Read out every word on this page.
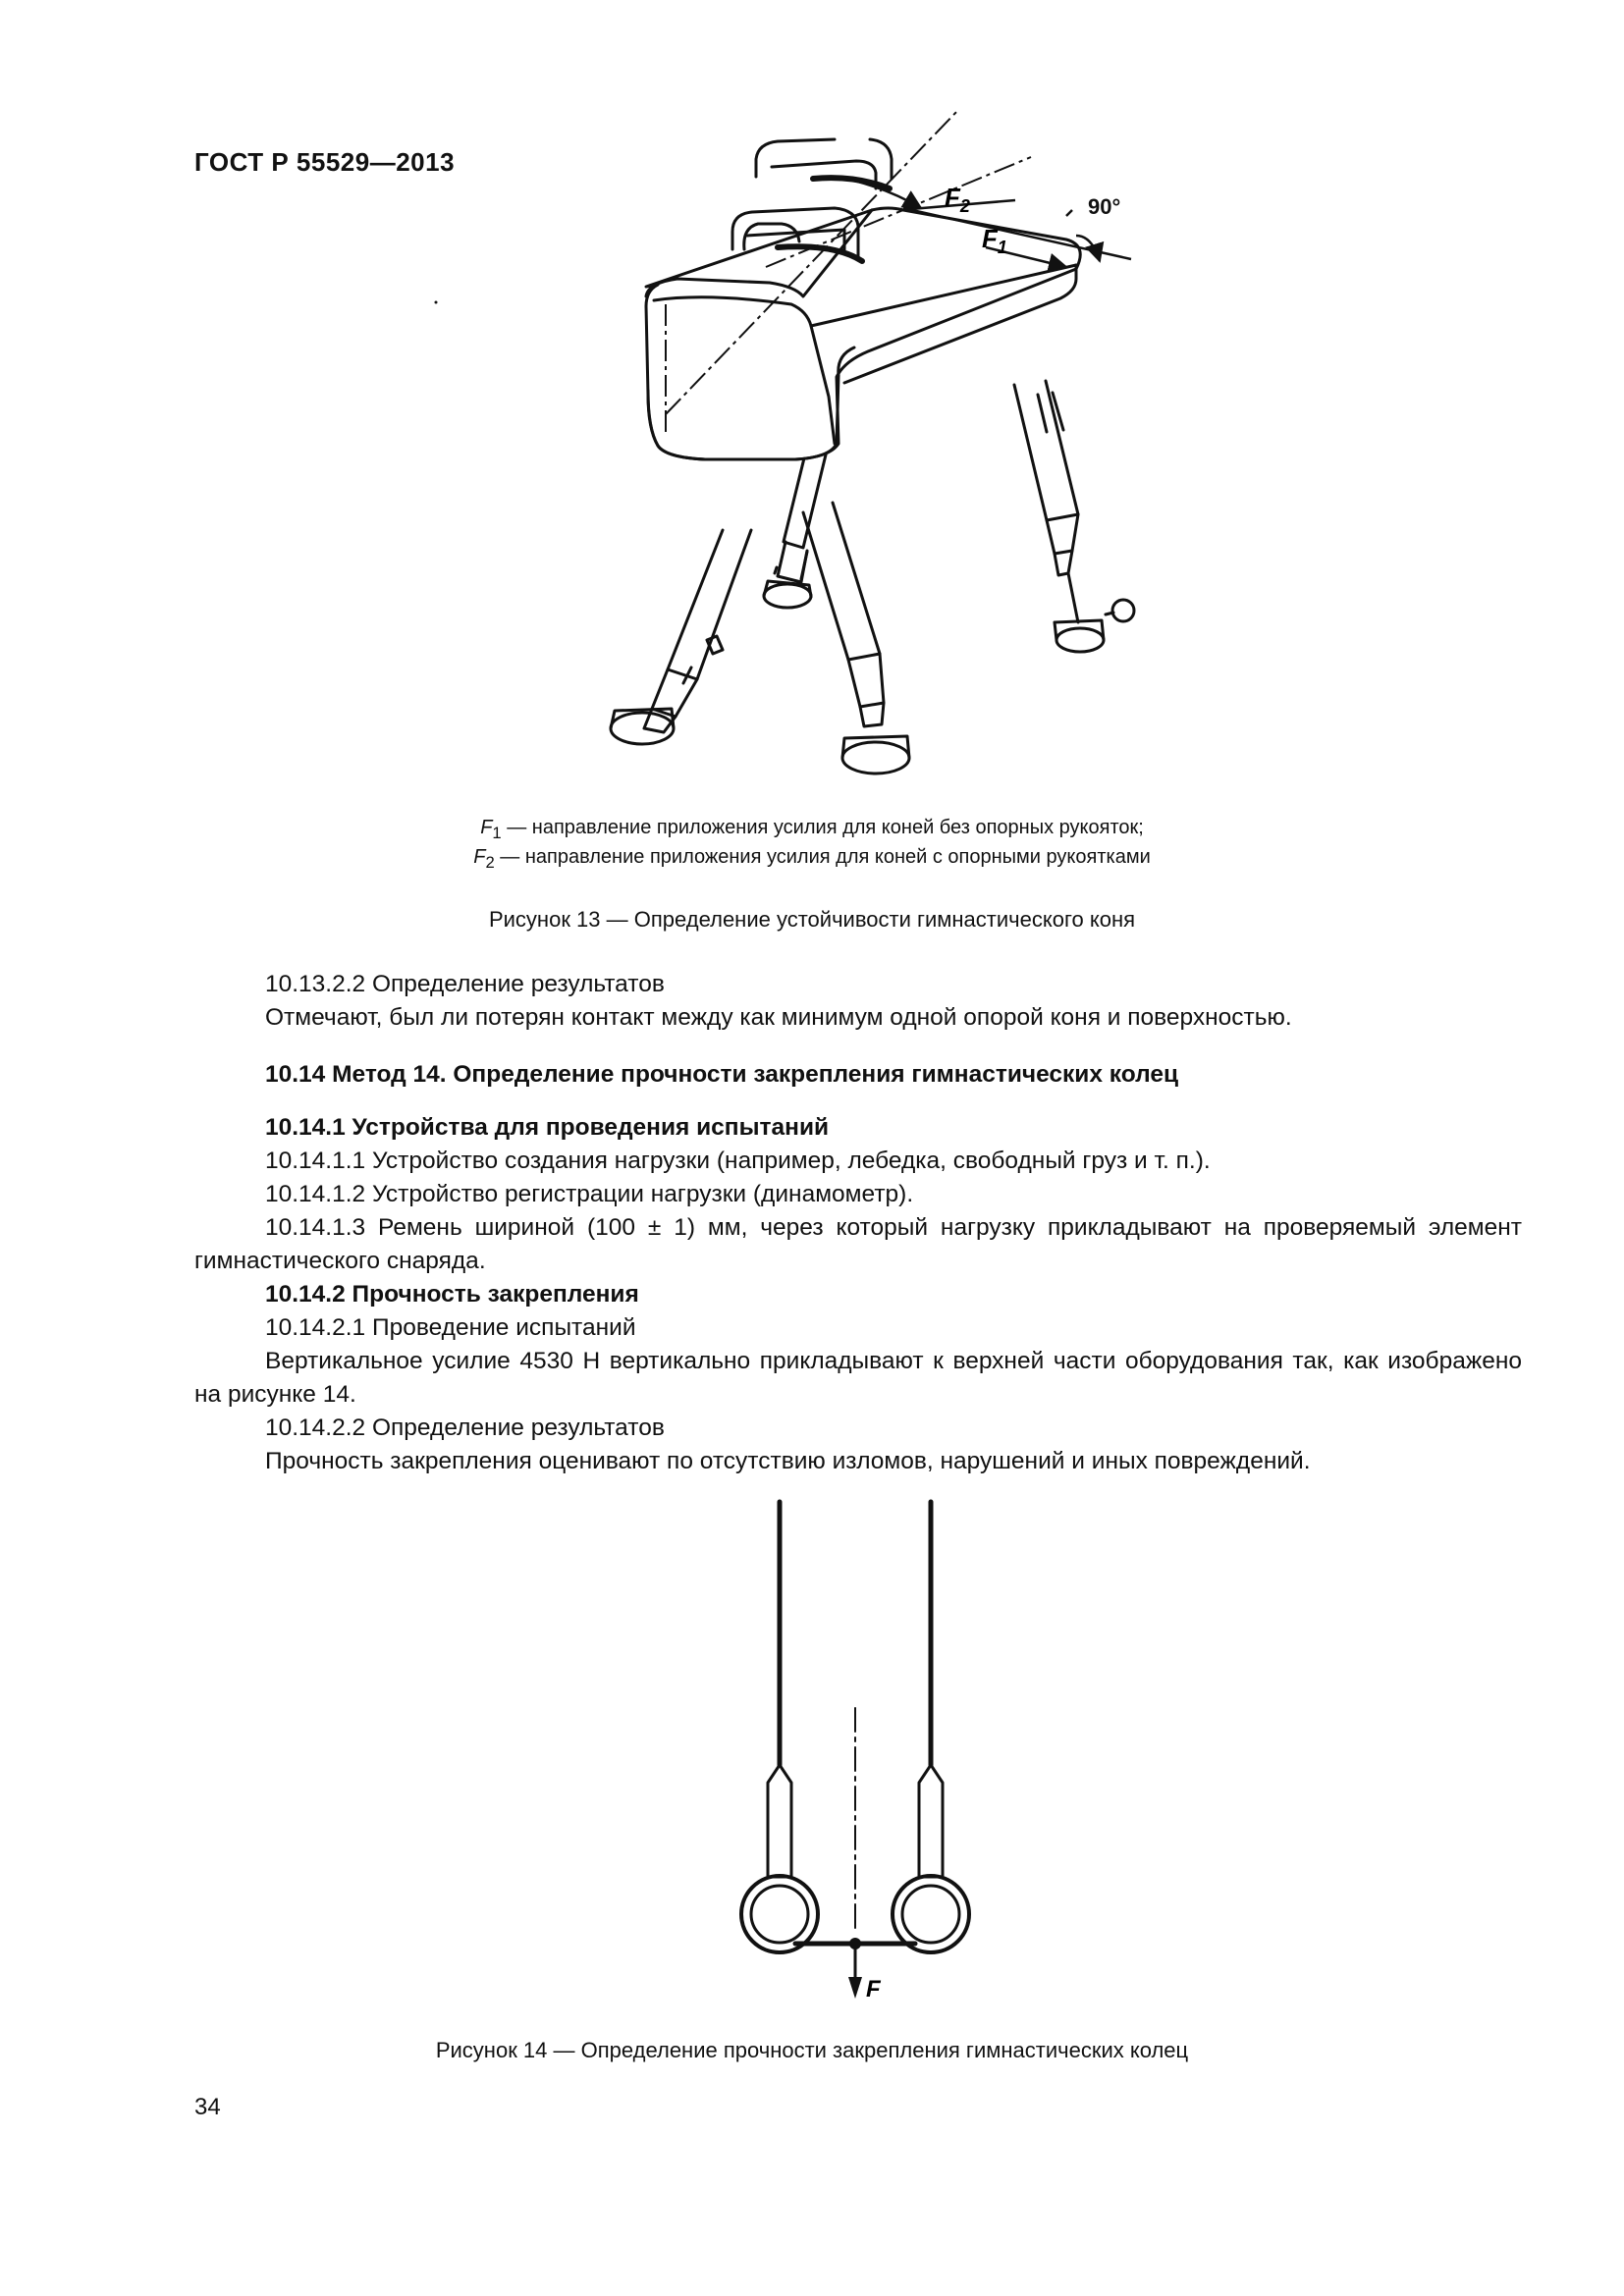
ГОСТ Р 55529—2013
$F_2$
$F_1$
90°
$F_1$ — направление приложения усилия для коней без опорных рукояток;
$F_2$ — направление приложения усилия для коней с опорными рукоятками
Рисунок 13 — Определение устойчивости гимнастического коня

10.13.2.2 Определение результатов

Отмечают, был ли потерян контакт между как минимум одной опорой коня и поверхностью.

10.14 Метод 14. Определение прочности закрепления гимнастических колец

10.14.1 Устройства для проведения испытаний

10.14.1.1 Устройство создания нагрузки (например, лебедка, свободный груз и т. п.).

10.14.1.2 Устройство регистрации нагрузки (динамометр).

10.14.1.3 Ремень шириной (100 ± 1) мм, через который нагрузку прикладывают на проверяемый элемент гимнастического снаряда.

10.14.2 Прочность закрепления

10.14.2.1 Проведение испытаний

Вертикальное усилие 4530 Н вертикально прикладывают к верхней части оборудования так, как изображено на рисунке 14.

10.14.2.2 Определение результатов

Прочность закрепления оценивают по отсутствию изломов, нарушений и иных повреждений.

F
Рисунок 14 — Определение прочности закрепления гимнастических колец
34
